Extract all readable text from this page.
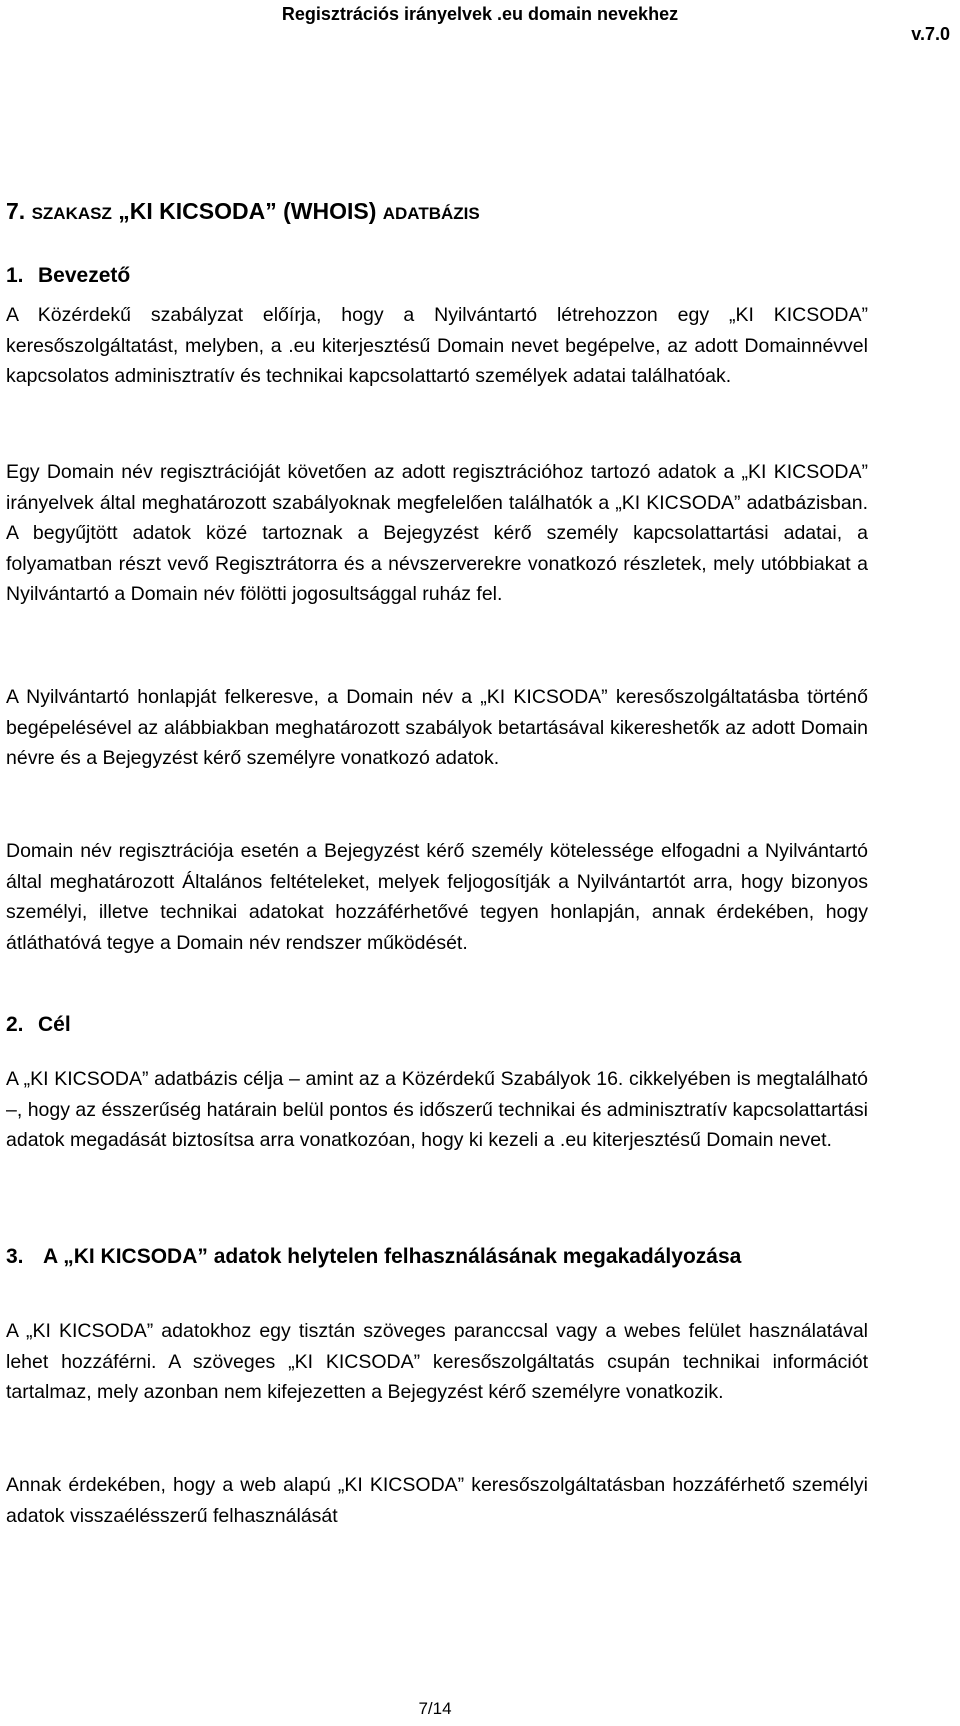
Regisztrációs irányelvek .eu domain nevekhez
v.7.0
7. SZAKASZ „KI KICSODA” (WHOIS) ADATBÁZIS
1. Bevezető

A Közérdekű szabályzat előírja, hogy a Nyilvántartó létrehozzon egy „KI KICSODA” keresőszolgáltatást, melyben, a .eu kiterjesztésű Domain nevet begépelve, az adott Domainnévvel kapcsolatos adminisztratív és technikai kapcsolattartó személyek adatai találhatóak.

Egy Domain név regisztrációját követően az adott regisztrációhoz tartozó adatok a „KI KICSODA” irányelvek által meghatározott szabályoknak megfelelően találhatók a „KI KICSODA” adatbázisban. A begyűjtött adatok közé tartoznak a Bejegyzést kérő személy kapcsolattartási adatai, a folyamatban részt vevő Regisztrátorra és a névszerverekre vonatkozó részletek, mely utóbbiakat a Nyilvántartó a Domain név fölötti jogosultsággal ruház fel.

A Nyilvántartó honlapját felkeresve, a Domain név a „KI KICSODA” keresőszolgáltatásba történő begépelésével az alábbiakban meghatározott szabályok betartásával kikereshetők az adott Domain névre és a Bejegyzést kérő személyre vonatkozó adatok.

Domain név regisztrációja esetén a Bejegyzést kérő személy kötelessége elfogadni a Nyilvántartó által meghatározott Általános feltételeket, melyek feljogosítják a Nyilvántartót arra, hogy bizonyos személyi, illetve technikai adatokat hozzáférhetővé tegyen honlapján, annak érdekében, hogy átláthatóvá tegye a Domain név rendszer működését.

2. Cél

A „KI KICSODA” adatbázis célja – amint az a Közérdekű Szabályok 16. cikkelyében is megtalálható –, hogy az ésszerűség határain belül pontos és időszerű technikai és adminisztratív kapcsolattartási adatok megadását biztosítsa arra vonatkozóan, hogy ki kezeli a .eu kiterjesztésű Domain nevet.

3. A „KI KICSODA” adatok helytelen felhasználásának megakadályozása

A „KI KICSODA” adatokhoz egy tisztán szöveges paranccsal vagy a webes felület használatával lehet hozzáférni. A szöveges „KI KICSODA” keresőszolgáltatás csupán technikai információt tartalmaz, mely azonban nem kifejezetten a Bejegyzést kérő személyre vonatkozik.

Annak érdekében, hogy a web alapú „KI KICSODA” keresőszolgáltatásban hozzáférhető személyi adatok visszaélésszerű felhasználását

7/14
